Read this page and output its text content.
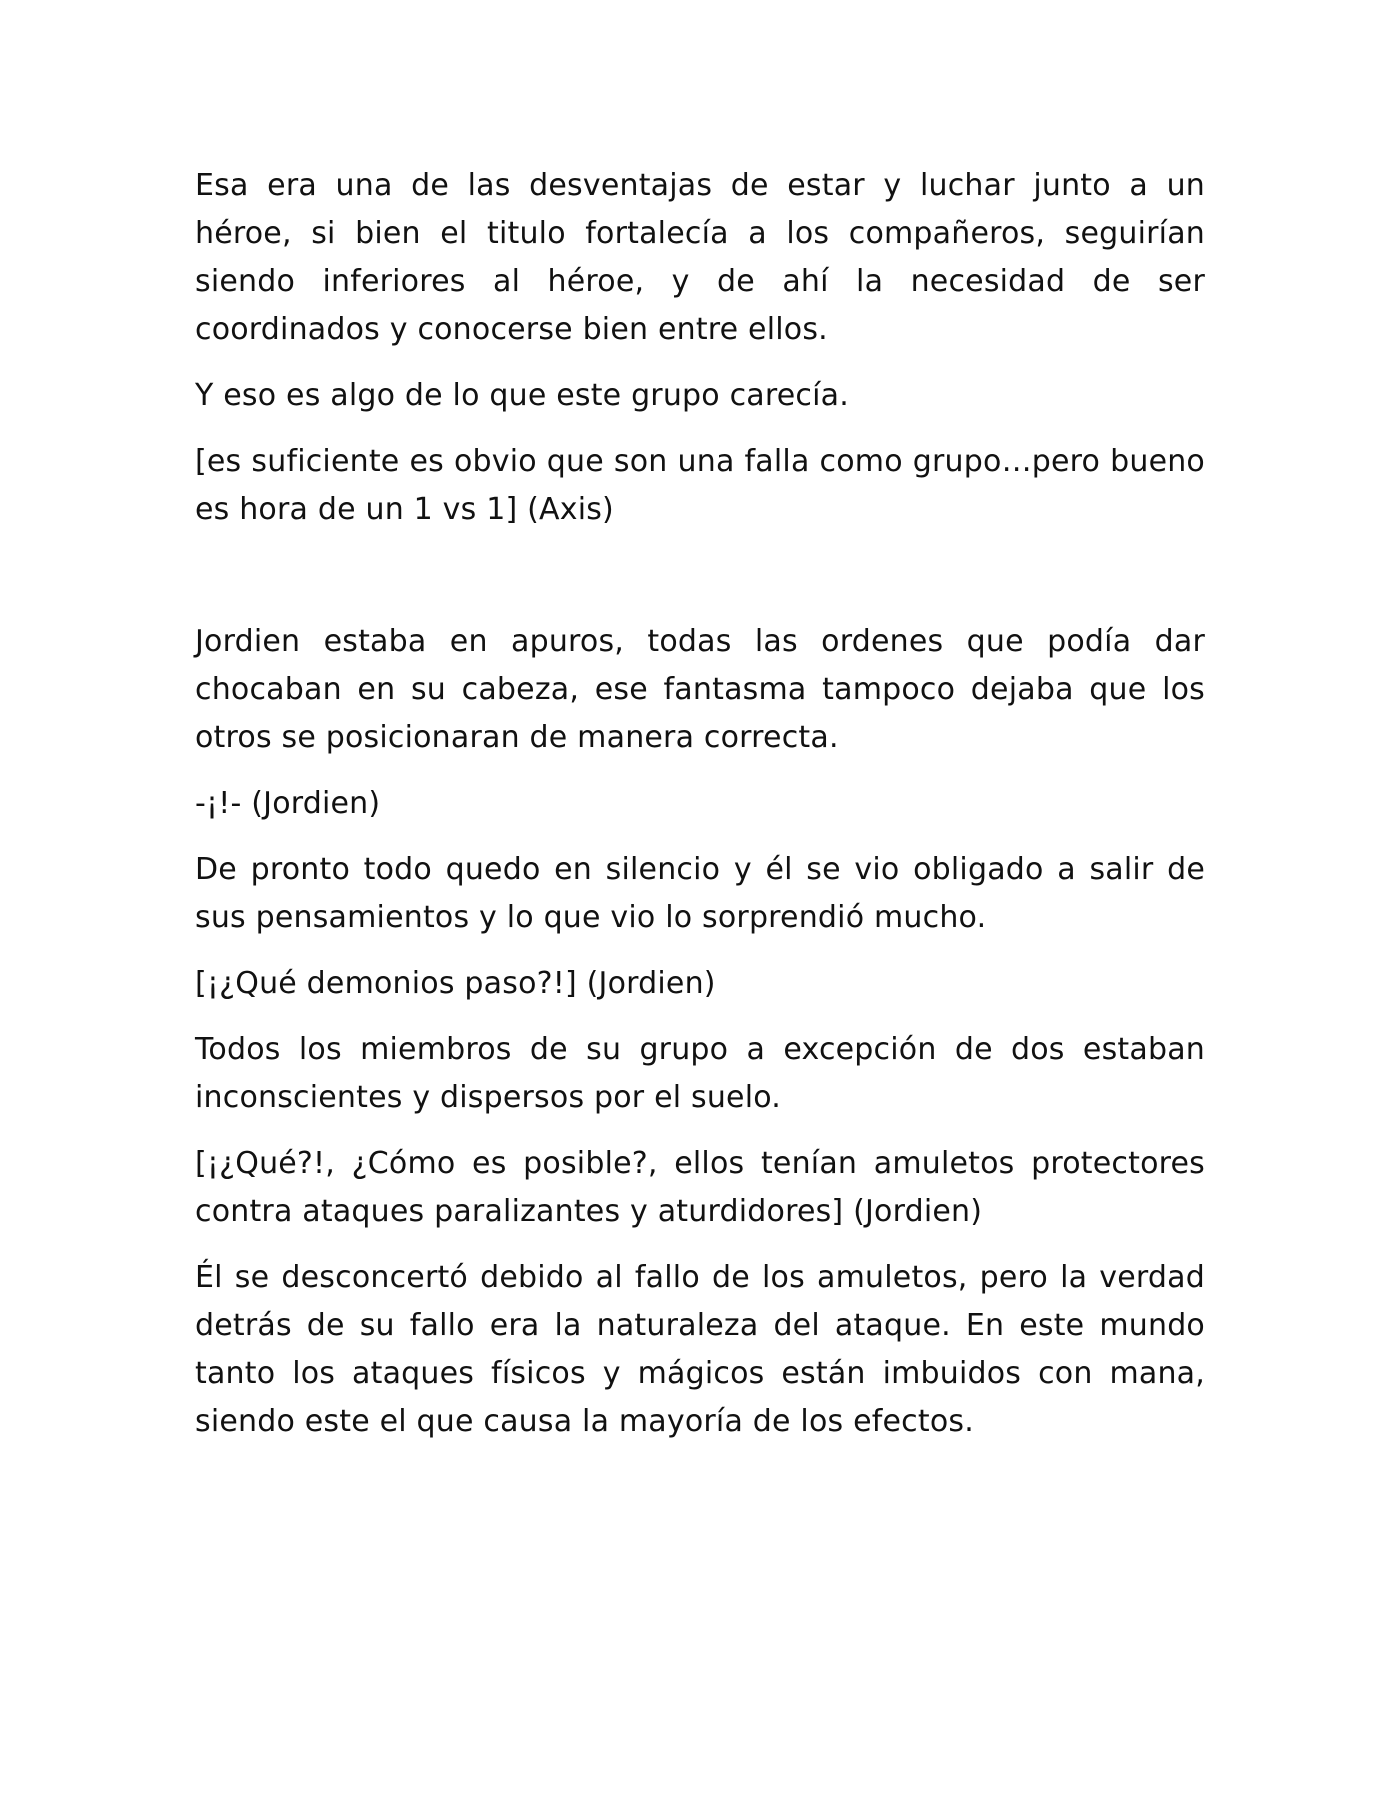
Esa era una de las desventajas de estar y luchar junto a un héroe, si bien el titulo fortalecía a los compañeros, seguirían siendo inferiores al héroe, y de ahí la necesidad de ser coordinados y conocerse bien entre ellos.

Y eso es algo de lo que este grupo carecía.

[es suficiente es obvio que son una falla como grupo…pero bueno es hora de un 1 vs 1] (Axis)

Jordien estaba en apuros, todas las ordenes que podía dar chocaban en su cabeza, ese fantasma tampoco dejaba que los otros se posicionaran de manera correcta.

-¡!- (Jordien)

De pronto todo quedo en silencio y él se vio obligado a salir de sus pensamientos y lo que vio lo sorprendió mucho.

[¡¿Qué demonios paso?!] (Jordien)

Todos los miembros de su grupo a excepción de dos estaban inconscientes y dispersos por el suelo.

[¡¿Qué?!, ¿Cómo es posible?, ellos tenían amuletos protectores contra ataques paralizantes y aturdidores] (Jordien)

Él se desconcertó debido al fallo de los amuletos, pero la verdad detrás de su fallo era la naturaleza del ataque. En este mundo tanto los ataques físicos y mágicos están imbuidos con mana, siendo este el que causa la mayoría de los efectos.
